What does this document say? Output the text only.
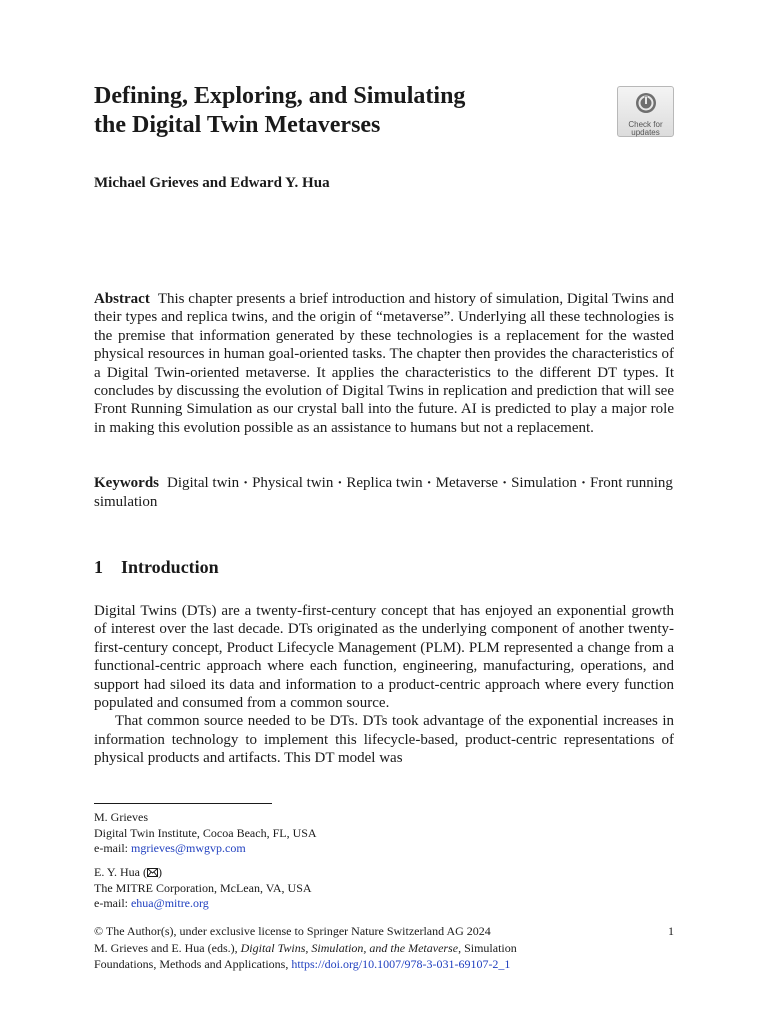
Defining, Exploring, and Simulating
the Digital Twin Metaverses	Check for
updates

Michael Grieves and Edward Y. Hua

Abstract This chapter presents a brief introduction and history of simulation, Digital Twins and their types and replica twins, and the origin of “metaverse”. Underlying all these technologies is the premise that information generated by these technologies is a replacement for the wasted physical resources in human goal-oriented tasks. The chapter then provides the characteristics of a Digital Twin-oriented metaverse. It applies the characteristics to the different DT types. It concludes by discussing the evolution of Digital Twins in replication and prediction that will see Front Running Simulation as our crystal ball into the future. AI is predicted to play a major role in making this evolution possible as an assistance to humans but not a replacement.

Keywords Digital twin · Physical twin · Replica twin · Metaverse · Simulation · Front running simulation

1 Introduction

Digital Twins (DTs) are a twenty-first-century concept that has enjoyed an exponential growth of interest over the last decade. DTs originated as the underlying component of another twenty-first-century concept, Product Lifecycle Management (PLM). PLM represented a change from a functional-centric approach where each function, engineering, manufacturing, operations, and support had siloed its data and information to a product-centric approach where every function populated and consumed from a common source.

That common source needed to be DTs. DTs took advantage of the exponential increases in information technology to implement this lifecycle-based, product-centric representations of physical products and artifacts. This DT model was

M. Grieves
Digital Twin Institute, Cocoa Beach, FL, USA
e-mail: mgrieves@mwgvp.com
E. Y. Hua ( )
The MITRE Corporation, McLean, VA, USA
e-mail: ehua@mitre.org
1
© The Author(s), under exclusive license to Springer Nature Switzerland AG 2024
M. Grieves and E. Hua (eds.), Digital Twins, Simulation, and the Metaverse, Simulation
Foundations, Methods and Applications, https://doi.org/10.1007/978-3-031-69107-2_1
